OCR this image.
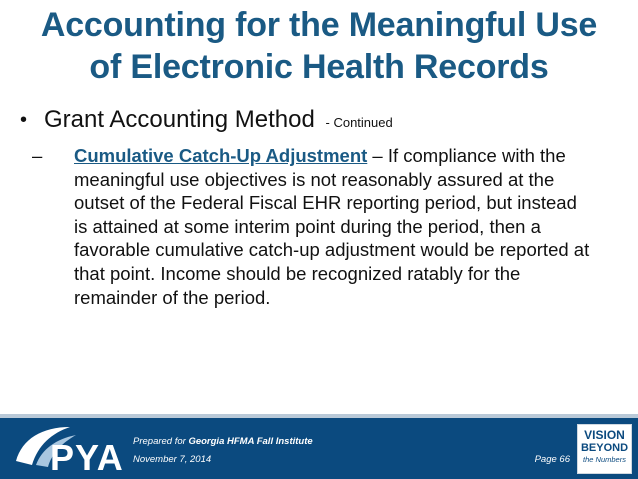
Accounting for the Meaningful Use
of Electronic Health Records
• Grant Accounting Method - Continued
–	Cumulative Catch-Up Adjustment – If compliance with the
meaningful use objectives is not reasonably assured at the
outset of the Federal Fiscal EHR reporting period, but instead
is attained at some interim point during the period, then a
favorable cumulative catch-up adjustment would be reported at
that point. Income should be recognized ratably for the
remainder of the period.
PYA Prepared for Georgia HFMA Fall Institute
November 7, 2014	Page 66
VISION
BEYOND
the Numbers
